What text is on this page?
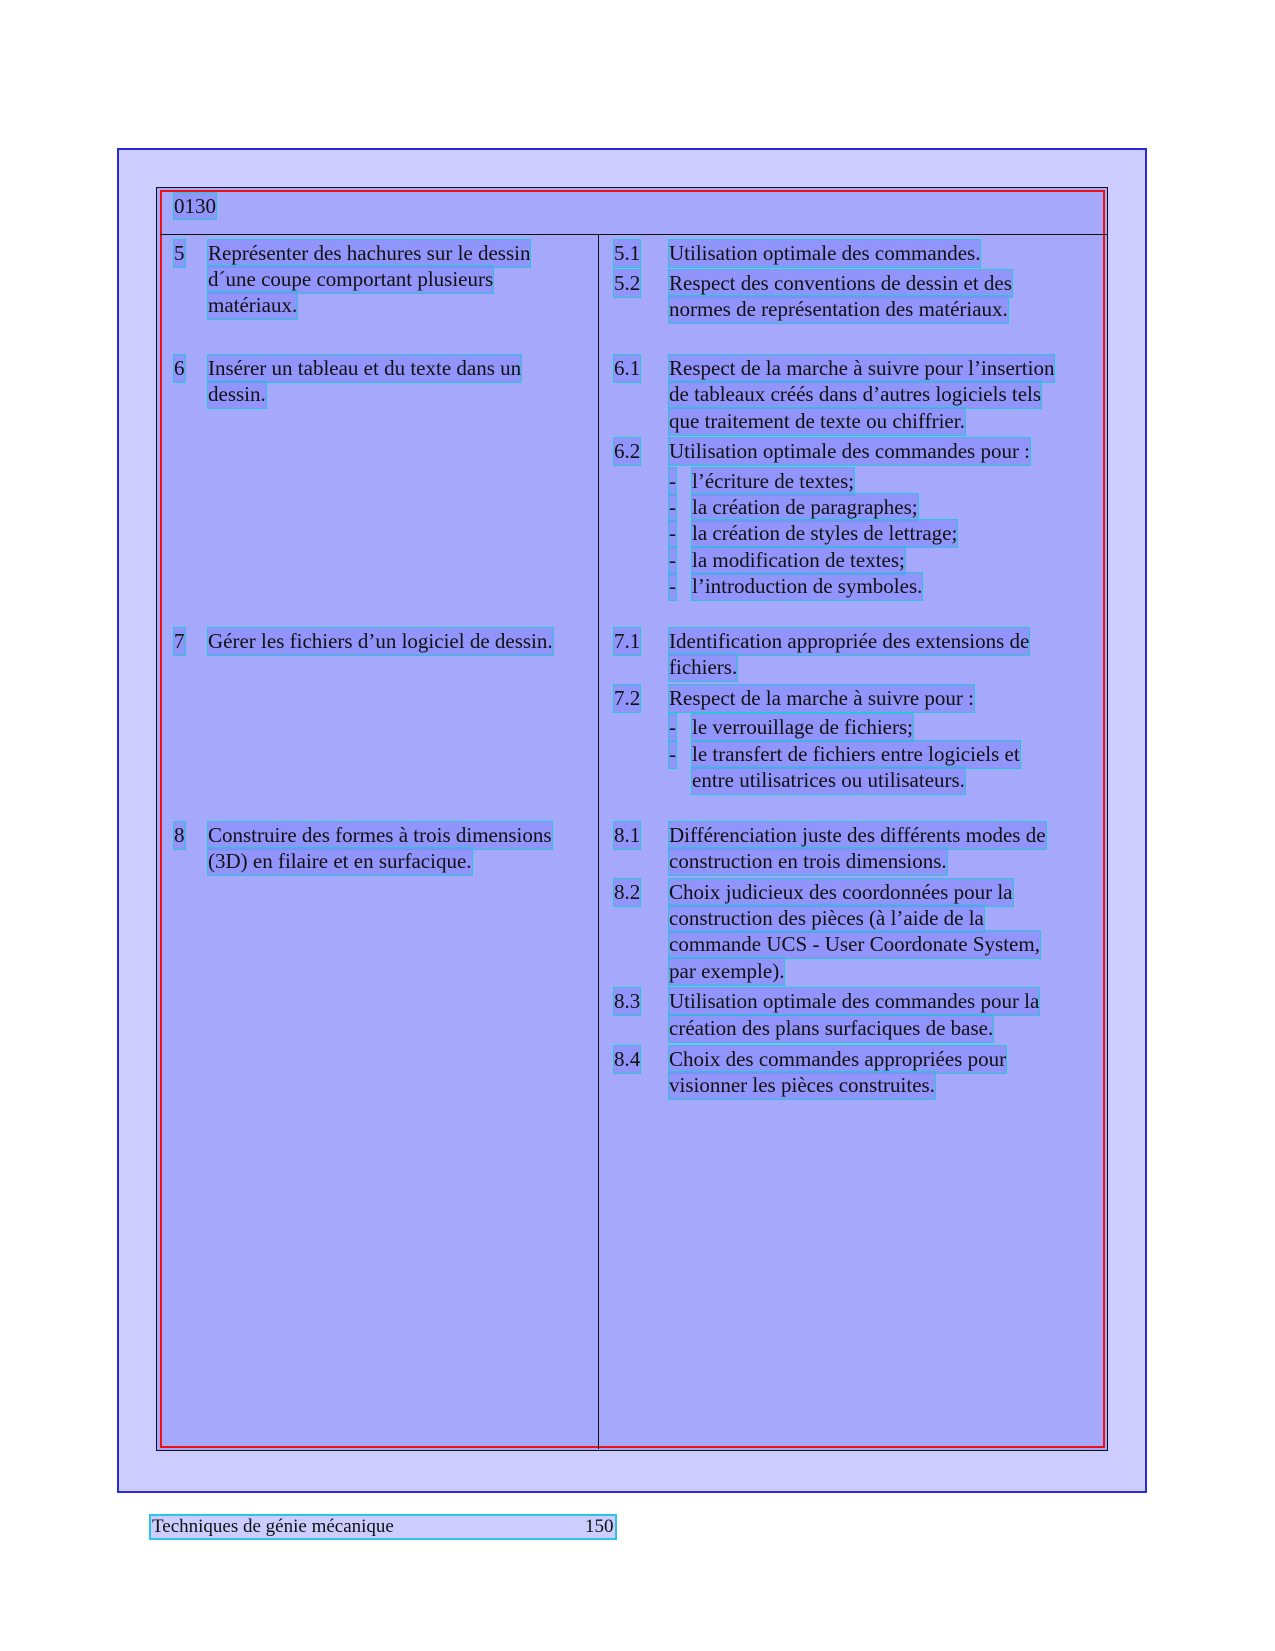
0130
5 Représenter des hachures sur le dessin
d´une coupe comportant plusieurs
matériaux.
6 Insérer un tableau et du texte dans un
dessin.
7 Gérer les fichiers d’un logiciel de dessin.
8 Construire des formes à trois dimensions
(3D) en filaire et en surfacique.
5.1 Utilisation optimale des commandes.
5.2 Respect des conventions de dessin et des
normes de représentation des matériaux.
6.1 Respect de la marche à suivre pour l’insertion
de tableaux créés dans d’autres logiciels tels
que traitement de texte ou chiffrier.
6.2 Utilisation optimale des commandes pour :
- l’écriture de textes;
- la création de paragraphes;
- la création de styles de lettrage;
- la modification de textes;
- l’introduction de symboles.
7.1 Identification appropriée des extensions de
fichiers.
7.2 Respect de la marche à suivre pour :
- le verrouillage de fichiers;
- le transfert de fichiers entre logiciels et
entre utilisatrices ou utilisateurs.
8.1 Différenciation juste des différents modes de
construction en trois dimensions.
8.2 Choix judicieux des coordonnées pour la
construction des pièces (à l’aide de la
commande UCS - User Coordonate System,
par exemple).
8.3 Utilisation optimale des commandes pour la
création des plans surfaciques de base.
8.4 Choix des commandes appropriées pour
visionner les pièces construites.
Techniques de génie mécanique	150
